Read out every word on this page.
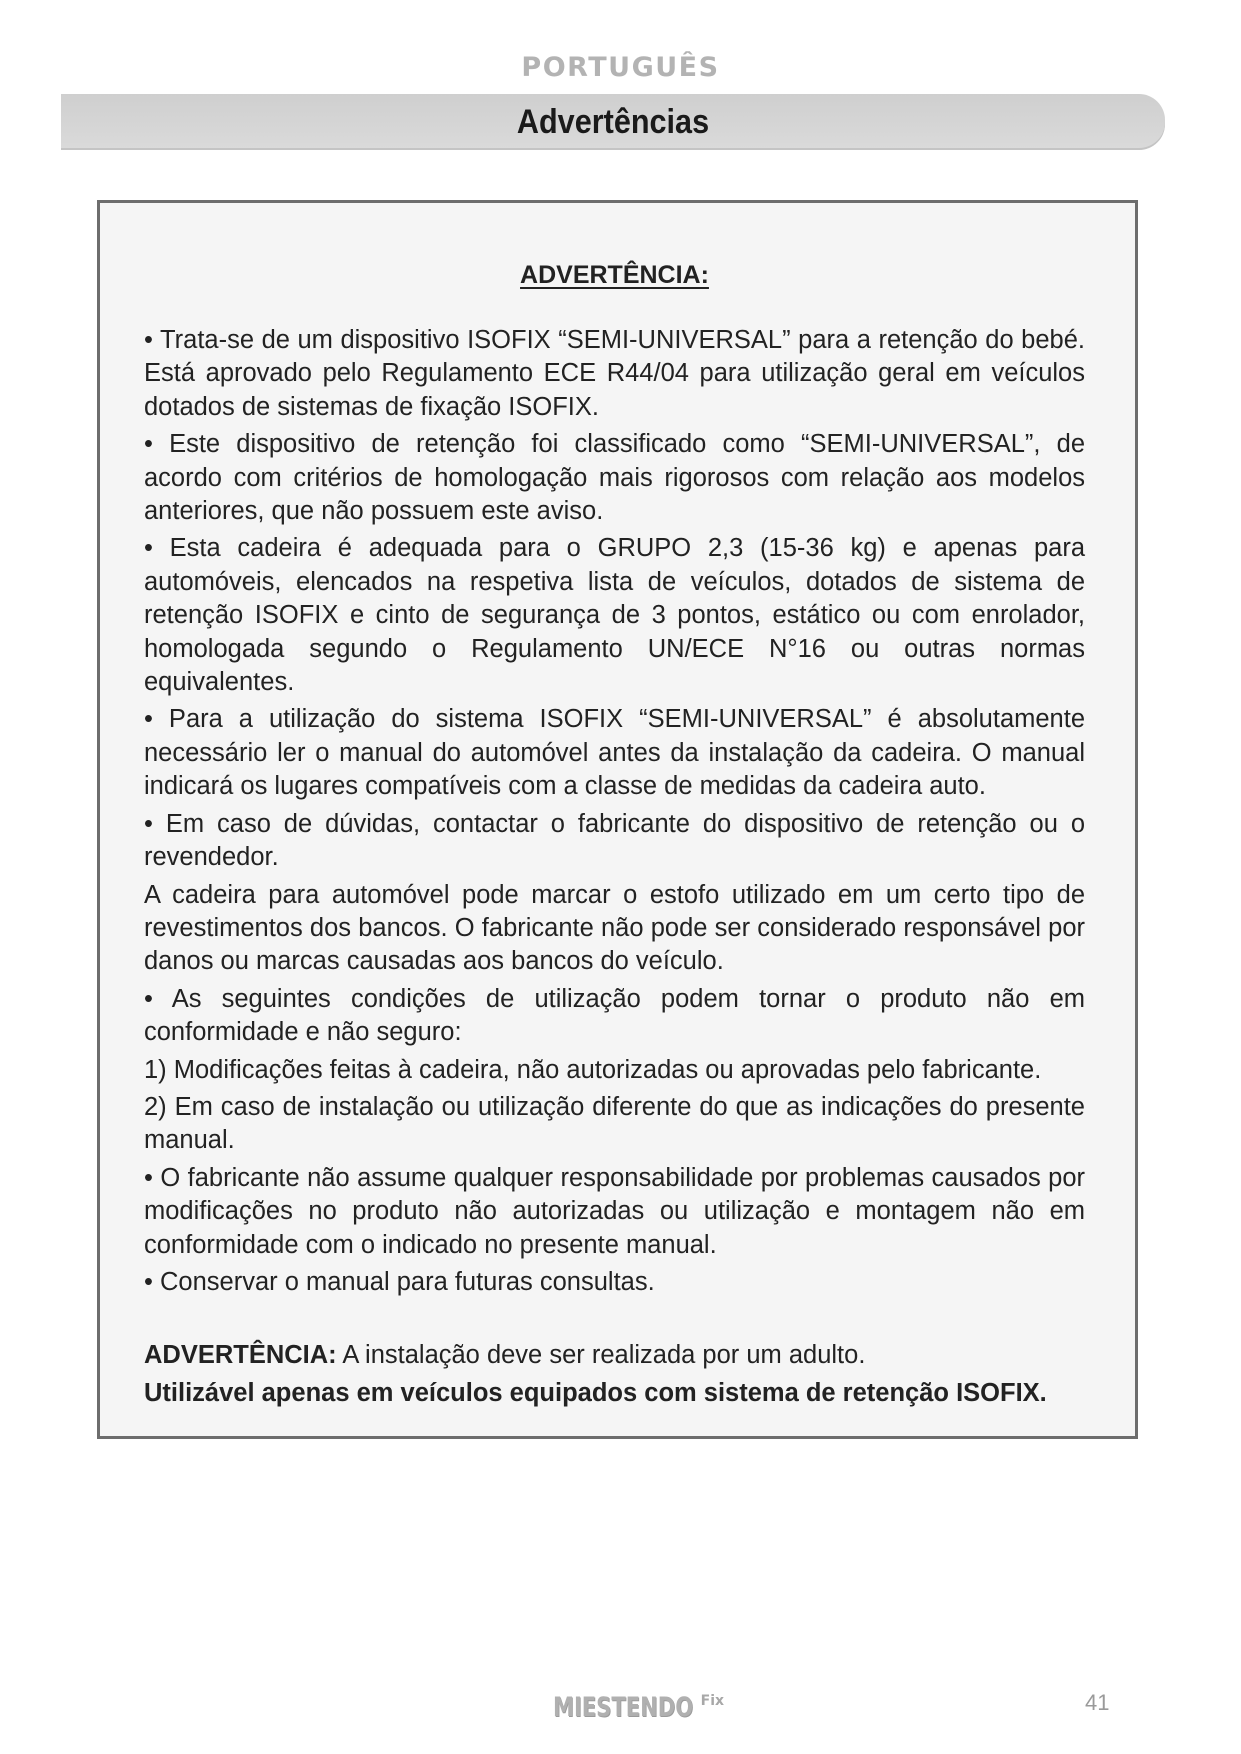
PORTUGUÊS
Advertências
ADVERTÊNCIA:

• Trata-se de um dispositivo ISOFIX “SEMI-UNIVERSAL” para a retenção do bebé. Está aprovado pelo Regulamento ECE R44/04 para utilização geral em veículos dotados de sistemas de fixação ISOFIX.

• Este dispositivo de retenção foi classificado como “SEMI-UNIVERSAL”, de acordo com critérios de homologação mais rigorosos com relação aos modelos anteriores, que não possuem este aviso.

• Esta cadeira é adequada para o GRUPO 2,3 (15-36 kg) e apenas para automóveis, elencados na respetiva lista de veículos, dotados de sistema de retenção ISOFIX e cinto de segurança de 3 pontos, estático ou com enrolador, homologada segundo o Regulamento UN/ECE N°16 ou outras normas equivalentes.

• Para a utilização do sistema ISOFIX “SEMI-UNIVERSAL” é absolutamente necessário ler o manual do automóvel antes da instalação da cadeira. O manual indicará os lugares compatíveis com a classe de medidas da cadeira auto.

• Em caso de dúvidas, contactar o fabricante do dispositivo de retenção ou o revendedor.

A cadeira para automóvel pode marcar o estofo utilizado em um certo tipo de revestimentos dos bancos. O fabricante não pode ser considerado responsável por danos ou marcas causadas aos bancos do veículo.

• As seguintes condições de utilização podem tornar o produto não em conformidade e não seguro:

1) Modificações feitas à cadeira, não autorizadas ou aprovadas pelo fabricante.

2) Em caso de instalação ou utilização diferente do que as indicações do presente manual.

• O fabricante não assume qualquer responsabilidade por problemas causados por modificações no produto não autorizadas ou utilização e montagem não em conformidade com o indicado no presente manual.

• Conservar o manual para futuras consultas.

ADVERTÊNCIA: A instalação deve ser realizada por um adulto.

Utilizável apenas em veículos equipados com sistema de retenção ISOFIX.

MIESTENDO Fix	41
